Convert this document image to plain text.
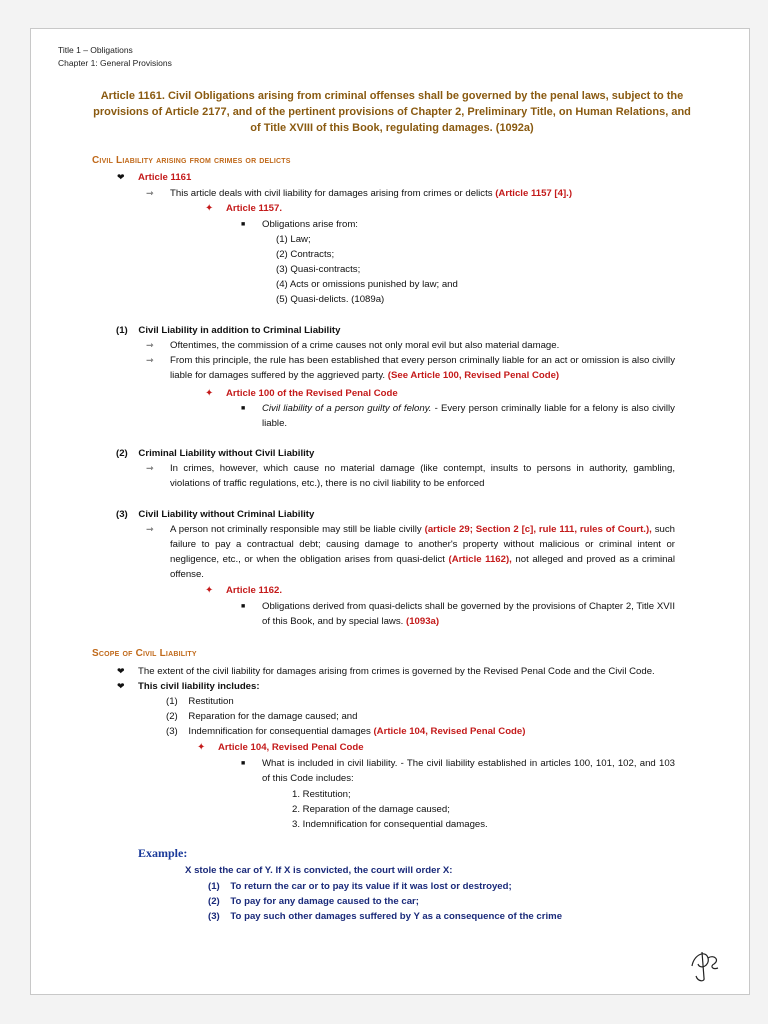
Title 1 – Obligations
Chapter 1: General Provisions
Article 1161. Civil Obligations arising from criminal offenses shall be governed by the penal laws, subject to the provisions of Article 2177, and of the pertinent provisions of Chapter 2, Preliminary Title, on Human Relations, and of Title XVIII of this Book, regulating damages. (1092a)
Civil Liability arising from crimes or delicts
❤ Article 1161
⇾ This article deals with civil liability for damages arising from crimes or delicts (Article 1157 [4].)
✦ Article 1157.
■ Obligations arise from:
(1) Law;
(2) Contracts;
(3) Quasi-contracts;
(4) Acts or omissions punished by law; and
(5) Quasi-delicts. (1089a)
(1) Civil Liability in addition to Criminal Liability
⇾ Oftentimes, the commission of a crime causes not only moral evil but also material damage.
⇾ From this principle, the rule has been established that every person criminally liable for an act or omission is also civilly liable for damages suffered by the aggrieved party. (See Article 100, Revised Penal Code)
✦ Article 100 of the Revised Penal Code
■ Civil liability of a person guilty of felony. - Every person criminally liable for a felony is also civilly liable.
(2) Criminal Liability without Civil Liability
⇾ In crimes, however, which cause no material damage (like contempt, insults to persons in authority, gambling, violations of traffic regulations, etc.), there is no civil liability to be enforced
(3) Civil Liability without Criminal Liability
⇾ A person not criminally responsible may still be liable civilly (article 29; Section 2 [c], rule 111, rules of Court.), such failure to pay a contractual debt; causing damage to another's property without malicious or criminal intent or negligence, etc., or when the obligation arises from quasi-delict (Article 1162), not alleged and proved as a criminal offense.
✦ Article 1162.
■ Obligations derived from quasi-delicts shall be governed by the provisions of Chapter 2, Title XVII of this Book, and by special laws. (1093a)
Scope of Civil Liability
❤ The extent of the civil liability for damages arising from crimes is governed by the Revised Penal Code and the Civil Code.
❤ This civil liability includes:
(1) Restitution
(2) Reparation for the damage caused; and
(3) Indemnification for consequential damages (Article 104, Revised Penal Code)
✦ Article 104, Revised Penal Code
■ What is included in civil liability. - The civil liability established in articles 100, 101, 102, and 103 of this Code includes:
1. Restitution;
2. Reparation of the damage caused;
3. Indemnification for consequential damages.
Example:
X stole the car of Y. If X is convicted, the court will order X:
(1) To return the car or to pay its value if it was lost or destroyed;
(2) To pay for any damage caused to the car;
(3) To pay such other damages suffered by Y as a consequence of the crime
